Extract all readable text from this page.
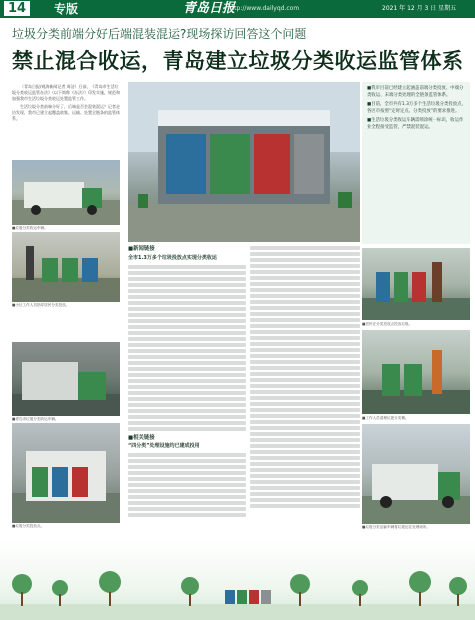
14	专版	青岛日报
http://www.dailyqd.com	2021 年 12 月 3 日 星期五
垃圾分类前端分好后端混装混运?现场探访回答这个问题
禁止混合收运，青岛建立垃圾分类收运监管体系

（青岛日报/观海新闻记者 周洁）日前，《青岛市生活垃圾分类收运监管办法》（以下简称《办法》）印发实施，规范和加强我市生活垃圾分类收运处置监管工作。

生活垃圾分类前端分好了，后端是否会混装混运？记者走访发现，我市已建立起覆盖收集、运输、处置全链条的监管体系。

■我市目前已经建立起涵盖前端分类投放、中端分类收运、末端分类处理的全链条监管体系。

■目前，全市共有1.3万多个生活垃圾分类投放点，各区市按照“定时定点、分类投放”的要求推进。

■生活垃圾分类收运车辆需喷涂统一标识，收运作业全程接受监管，严禁混装混运。

■垃圾分类收运车辆。
■小区工作人员指导居民分类投放。
■青岛市垃圾分类收运车辆。
■垃圾分类投放点。
■新闻链接
全市1.3万多个垃圾投放点实现分类收运
■相关链接
“四分类”处理设施均已建成投用
■居民在分类投放点投放垃圾。
■工作人员清理垃圾分类桶。
■垃圾分类运输车辆将垃圾运往处理场所。
